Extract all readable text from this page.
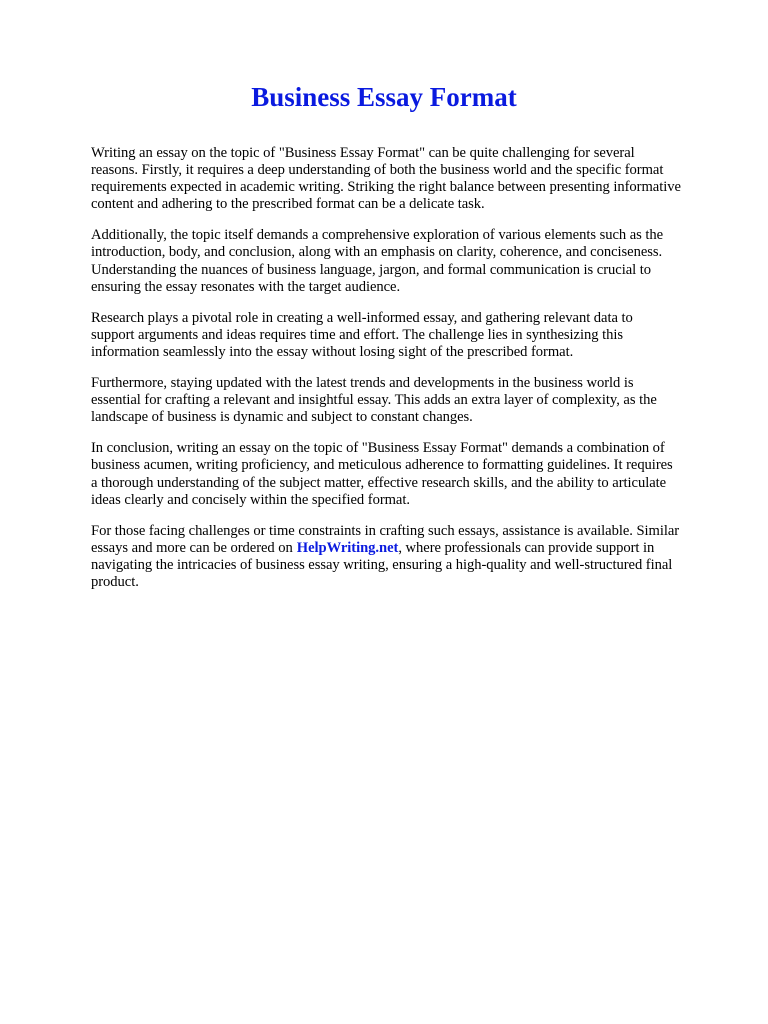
Business Essay Format

Writing an essay on the topic of "Business Essay Format" can be quite challenging for several
reasons. Firstly, it requires a deep understanding of both the business world and the specific format
requirements expected in academic writing. Striking the right balance between presenting informative
content and adhering to the prescribed format can be a delicate task.

Additionally, the topic itself demands a comprehensive exploration of various elements such as the
introduction, body, and conclusion, along with an emphasis on clarity, coherence, and conciseness.
Understanding the nuances of business language, jargon, and formal communication is crucial to
ensuring the essay resonates with the target audience.

Research plays a pivotal role in creating a well-informed essay, and gathering relevant data to
support arguments and ideas requires time and effort. The challenge lies in synthesizing this
information seamlessly into the essay without losing sight of the prescribed format.

Furthermore, staying updated with the latest trends and developments in the business world is
essential for crafting a relevant and insightful essay. This adds an extra layer of complexity, as the
landscape of business is dynamic and subject to constant changes.

In conclusion, writing an essay on the topic of "Business Essay Format" demands a combination of
business acumen, writing proficiency, and meticulous adherence to formatting guidelines. It requires
a thorough understanding of the subject matter, effective research skills, and the ability to articulate
ideas clearly and concisely within the specified format.

For those facing challenges or time constraints in crafting such essays, assistance is available. Similar
essays and more can be ordered on HelpWriting.net, where professionals can provide support in
navigating the intricacies of business essay writing, ensuring a high-quality and well-structured final
product.
